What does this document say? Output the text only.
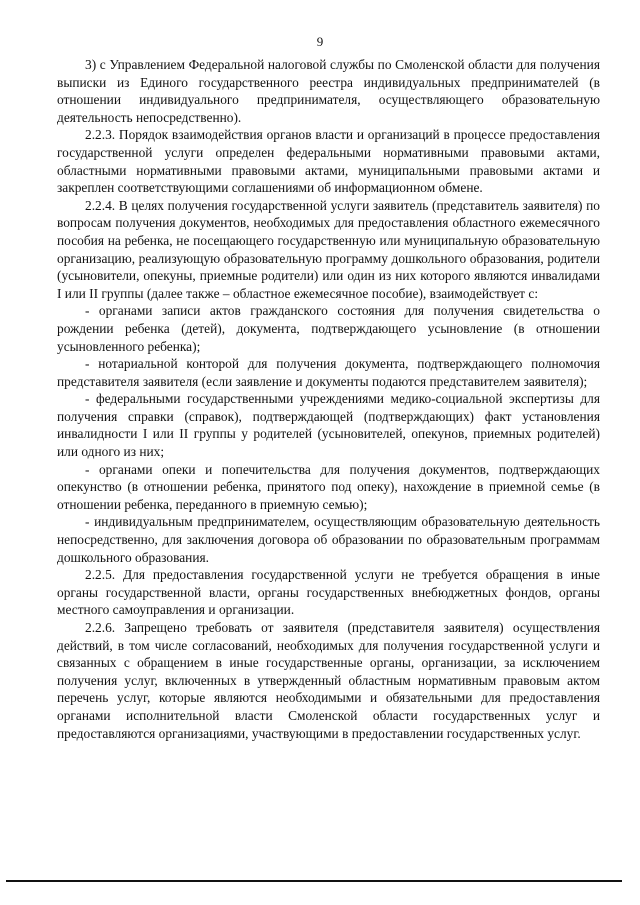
9

3) с Управлением Федеральной налоговой службы по Смоленской области для получения выписки из Единого государственного реестра индивидуальных предпринимателей (в отношении индивидуального предпринимателя, осуществляющего образовательную деятельность непосредственно).

2.2.3. Порядок взаимодействия органов власти и организаций в процессе предоставления государственной услуги определен федеральными нормативными правовыми актами, областными нормативными правовыми актами, муниципальными правовыми актами и закреплен соответствующими соглашениями об информационном обмене.

2.2.4. В целях получения государственной услуги заявитель (представитель заявителя) по вопросам получения документов, необходимых для предоставления областного ежемесячного пособия на ребенка, не посещающего государственную или муниципальную образовательную организацию, реализующую образовательную программу дошкольного образования, родители (усыновители, опекуны, приемные родители) или один из них которого являются инвалидами I или II группы (далее также – областное ежемесячное пособие), взаимодействует с:

- органами записи актов гражданского состояния для получения свидетельства о рождении ребенка (детей), документа, подтверждающего усыновление (в отношении усыновленного ребенка);

- нотариальной конторой для получения документа, подтверждающего полномочия представителя заявителя (если заявление и документы подаются представителем заявителя);

- федеральными государственными учреждениями медико-социальной экспертизы для получения справки (справок), подтверждающей (подтверждающих) факт установления инвалидности I или II группы у родителей (усыновителей, опекунов, приемных родителей) или одного из них;

- органами опеки и попечительства для получения документов, подтверждающих опекунство (в отношении ребенка, принятого под опеку), нахождение в приемной семье (в отношении ребенка, переданного в приемную семью);

- индивидуальным предпринимателем, осуществляющим образовательную деятельность непосредственно, для заключения договора об образовании по образовательным программам дошкольного образования.

2.2.5. Для предоставления государственной услуги не требуется обращения в иные органы государственной власти, органы государственных внебюджетных фондов, органы местного самоуправления и организации.

2.2.6. Запрещено требовать от заявителя (представителя заявителя) осуществления действий, в том числе согласований, необходимых для получения государственной услуги и связанных с обращением в иные государственные органы, организации, за исключением получения услуг, включенных в утвержденный областным нормативным правовым актом перечень услуг, которые являются необходимыми и обязательными для предоставления органами исполнительной власти Смоленской области государственных услуг и предоставляются организациями, участвующими в предоставлении государственных услуг.
